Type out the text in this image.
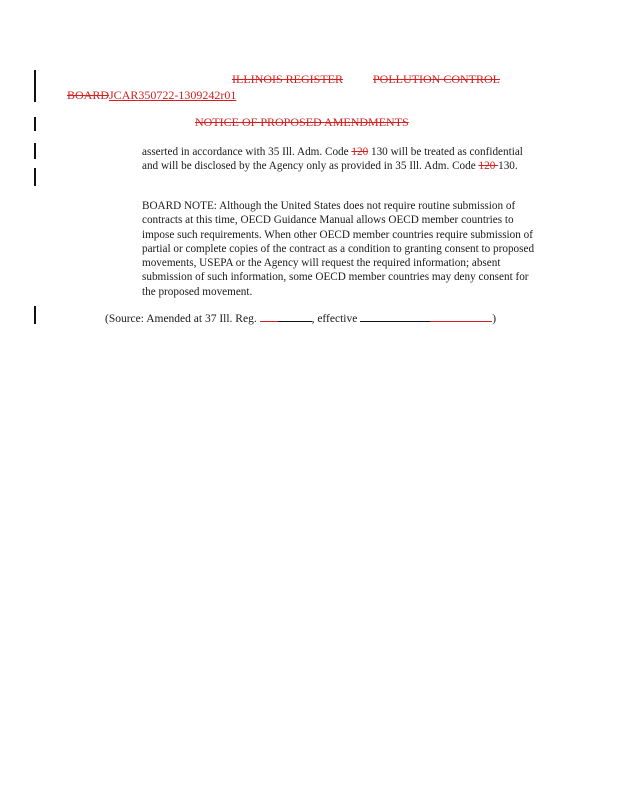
ILLINOIS REGISTER	POLLUTION CONTROL
BOARDJCAR350722-1309242r01
NOTICE OF PROPOSED AMENDMENTS
asserted in accordance with 35 Ill. Adm. Code 120 130 will be treated as confidential and will be disclosed by the Agency only as provided in 35 Ill. Adm. Code 120 130.
BOARD NOTE: Although the United States does not require routine submission of contracts at this time, OECD Guidance Manual allows OECD member countries to impose such requirements. When other OECD member countries require submission of partial or complete copies of the contract as a condition to granting consent to proposed movements, USEPA or the Agency will request the required information; absent submission of such information, some OECD member countries may deny consent for the proposed movement.
(Source: Amended at 37 Ill. Reg.	, effective	)
